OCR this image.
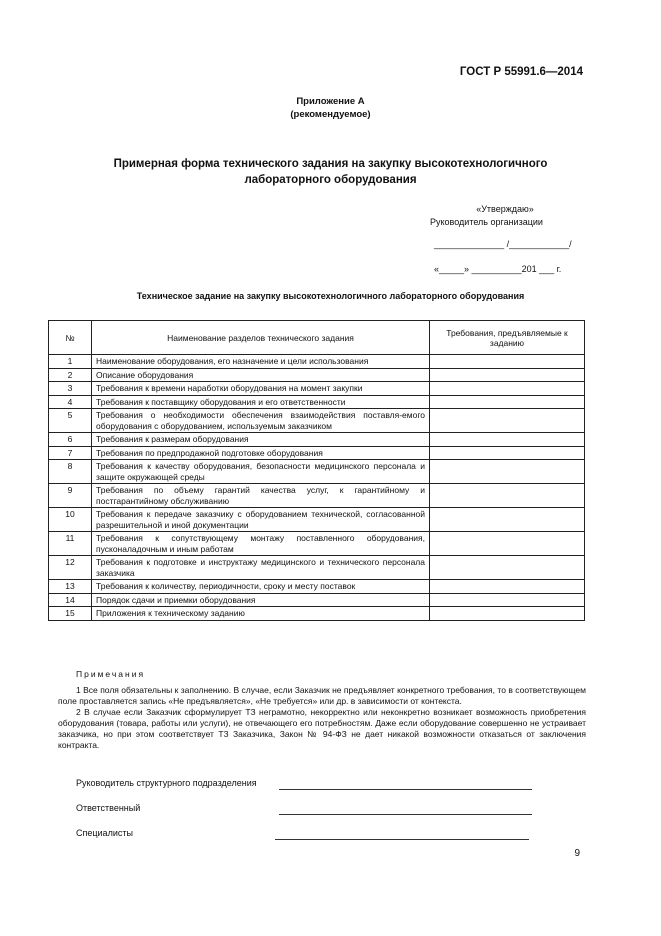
ГОСТ Р 55991.6—2014
Приложение А
(рекомендуемое)
Примерная форма технического задания на закупку высокотехнологичного лабораторного оборудования
«Утверждаю»
Руководитель организации
______________ /____________/
«_____» __________201 ___ г.
Техническое задание на закупку высокотехнологичного лабораторного оборудования
№	Наименование разделов технического задания	Требования, предъявляемые к заданию
1	Наименование оборудования, его назначение и цели использования	
2	Описание оборудования	
3	Требования к времени наработки оборудования на момент закупки	
4	Требования к поставщику оборудования и его ответственности	
5	Требования о необходимости обеспечения взаимодействия поставля-емого оборудования с оборудованием, используемым заказчиком	
6	Требования к размерам оборудования	
7	Требования по предпродажной подготовке оборудования	
8	Требования к качеству оборудования, безопасности медицинского персонала и защите окружающей среды	
9	Требования по объему гарантий качества услуг, к гарантийному и постгарантийному обслуживанию	
10	Требования к передаче заказчику с оборудованием технической, согласованной разрешительной и иной документации	
11	Требования к сопутствующему монтажу поставленного оборудования, пусконаладочным и иным работам	
12	Требования к подготовке и инструктажу медицинского и технического персонала заказчика	
13	Требования к количеству, периодичности, сроку и месту поставок	
14	Порядок сдачи и приемки оборудования	
15	Приложения к техническому заданию	
Примечания

1 Все поля обязательны к заполнению. В случае, если Заказчик не предъявляет конкретного требования, то в соответствующем поле проставляется запись «Не предъявляется», «Не требуется» или др. в зависимости от контекста.

2 В случае если Заказчик сформулирует ТЗ неграмотно, некорректно или неконкретно возникает возможность приобретения оборудования (товара, работы или услуги), не отвечающего его потребностям. Даже если оборудование совершенно не устраивает заказчика, но при этом соответствует ТЗ Заказчика, Закон № 94-ФЗ не дает никакой возможности отказаться от заключения контракта.

Руководитель структурного подразделения
Ответственный
Специалисты
9
